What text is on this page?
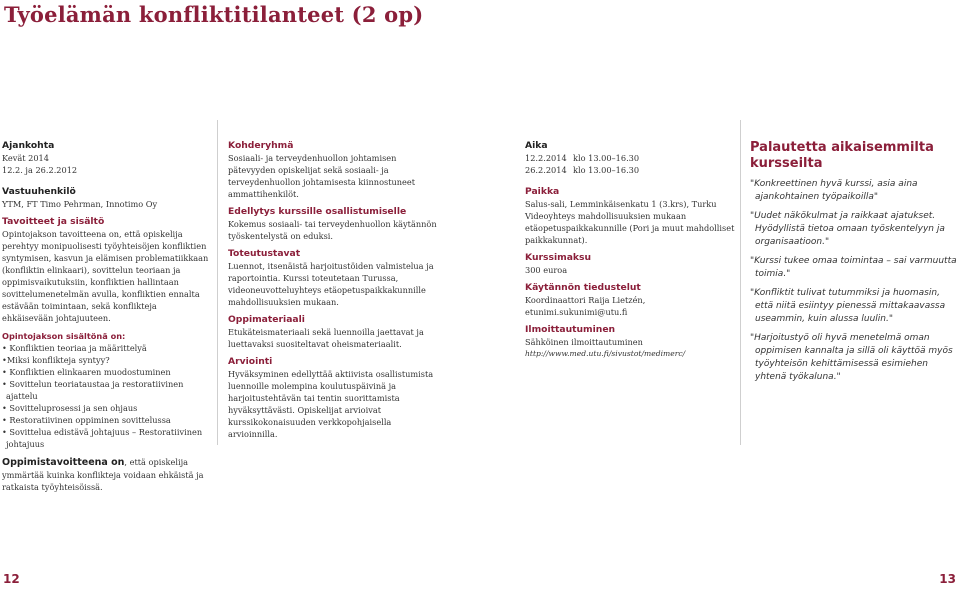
Työelämän konfliktitilanteet (2 op)

Ajankohta

Kevät 2014

12.2. ja 26.2.2012

Vastuuhenkilö

YTM, FT Timo Pehrman, Innotimo Oy

Tavoitteet ja sisältö

Opintojakson tavoitteena on, että opiskelija perehtyy monipuolisesti työyhteisöjen konfliktien syntymisen, kasvun ja elämisen problematiikkaan (konfliktin elinkaari), sovittelun teoriaan ja oppimisvaikutuksiin, konfliktien hallintaan sovittelumenetelmän avulla, konfliktien ennalta estävään toimintaan, sekä konflikteja ehkäisevään johtajuuteen.

Opintojakson sisältönä on:

• Konfliktien teoriaa ja määrittelyä
•Miksi konflikteja syntyy?
• Konfliktien elinkaaren muodostuminen
• Sovittelun teoriataustaa ja restoratiivinen
ajattelu
• Sovitteluprosessi ja sen ohjaus
• Restoratiivinen oppiminen sovittelussa
• Sovittelua edistävä johtajuus – Restoratiivinen
johtajuus
Oppimistavoitteena on, että opiskelija ymmärtää kuinka konflikteja voidaan ehkäistä ja ratkaista työyhteisöissä.

Kohderyhmä

Sosiaali- ja terveydenhuollon johtamisen pätevyyden opiskelijat sekä sosiaali- ja terveydenhuollon johtamisesta kiinnostuneet ammattihenkilöt.

Edellytys kurssille osallistumiselle

Kokemus sosiaali- tai terveydenhuollon käytännön työskentelystä on eduksi.

Toteutustavat

Luennot, itsenäistä harjoitustöiden valmistelua ja raportointia. Kurssi toteutetaan Turussa, videoneuvotteluyhteys etäopetuspaikkakunnille mahdollisuuksien mukaan.

Oppimateriaali

Etukäteismateriaali sekä luennoilla jaettavat ja luettavaksi suositeltavat oheismateriaalit.

Arviointi

Hyväksyminen edellyttää aktiivista osallistumista luennoille molempina koulutuspäivinä ja harjoitustehtävän tai tentin suorittamista hyväksyttävästi. Opiskelijat arvioivat kurssikokonaisuuden verkkopohjaisella arvioinnilla.

Aika

12.2.2014 klo 13.00–16.30
26.2.2014 klo 13.00–16.30

Paikka

Salus-sali, Lemminkäisenkatu 1 (3.krs), Turku

Videoyhteys mahdollisuuksien mukaan etäopetuspaikkakunnille (Pori ja muut mahdolliset paikkakunnat).

Kurssimaksu

300 euroa

Käytännön tiedustelut

Koordinaattori Raija Lietzén, etunimi.sukunimi@utu.fi

Ilmoittautuminen

Sähköinen ilmoittautuminen

http://www.med.utu.fi/sivustot/medimerc/

Palautetta aikaisemmilta kursseilta

"Konkreettinen hyvä kurssi, asia aina ajankohtainen työpaikoilla"

"Uudet näkökulmat ja raikkaat ajatukset. Hyödyllistä tietoa omaan työskentelyyn ja organisaatioon."

"Kurssi tukee omaa toimintaa – sai varmuutta toimia."

"Konfliktit tulivat tutummiksi ja huomasin, että niitä esiintyy pienessä mittakaavassa useammin, kuin alussa luulin."

"Harjoitustyö oli hyvä menetelmä oman oppimisen kannalta ja sillä oli käyttöä myös työyhteisön kehittämisessä esimiehen yhtenä työkaluna."

12	13
